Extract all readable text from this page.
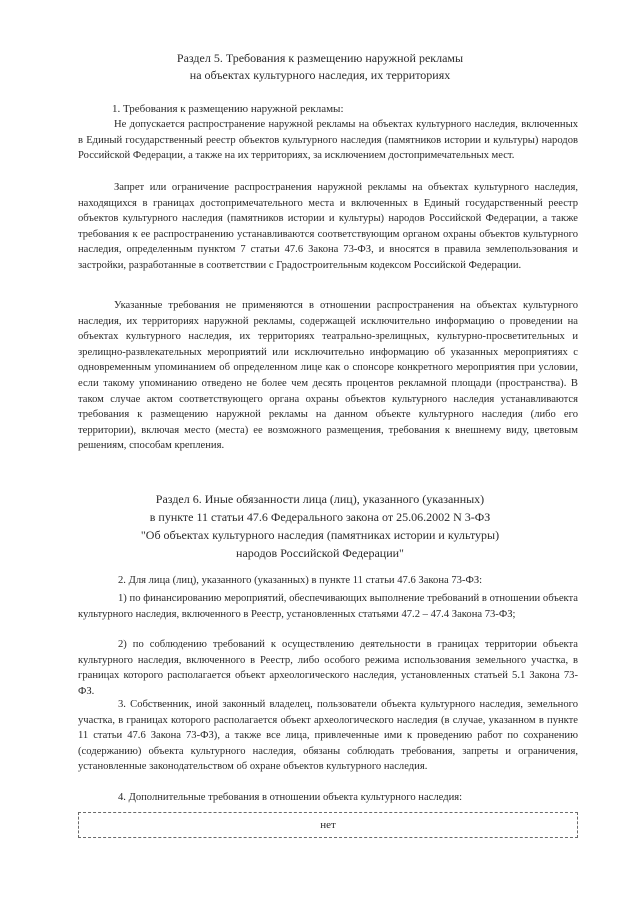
Раздел 5. Требования к размещению наружной рекламы
на объектах культурного наследия, их территориях
1. Требования к размещению наружной рекламы:
Не допускается распространение наружной рекламы на объектах культурного наследия, включенных в Единый государственный реестр объектов культурного наследия (памятников истории и культуры) народов Российской Федерации, а также на их территориях, за исключением достопримечательных мест.
Запрет или ограничение распространения наружной рекламы на объектах культурного наследия, находящихся в границах достопримечательного места и включенных в Единый государственный реестр объектов культурного наследия (памятников истории и культуры) народов Российской Федерации, а также требования к ее распространению устанавливаются соответствующим органом охраны объектов культурного наследия, определенным пунктом 7 статьи 47.6 Закона 73-ФЗ, и вносятся в правила землепользования и застройки, разработанные в соответствии с Градостроительным кодексом Российской Федерации.
Указанные требования не применяются в отношении распространения на объектах культурного наследия, их территориях наружной рекламы, содержащей исключительно информацию о проведении на объектах культурного наследия, их территориях театрально-зрелищных, культурно-просветительных и зрелищно-развлекательных мероприятий или исключительно информацию об указанных мероприятиях с одновременным упоминанием об определенном лице как о спонсоре конкретного мероприятия при условии, если такому упоминанию отведено не более чем десять процентов рекламной площади (пространства). В таком случае актом соответствующего органа охраны объектов культурного наследия устанавливаются требования к размещению наружной рекламы на данном объекте культурного наследия (либо его территории), включая место (места) ее возможного размещения, требования к внешнему виду, цветовым решениям, способам крепления.
Раздел 6. Иные обязанности лица (лиц), указанного (указанных)
в пункте 11 статьи 47.6 Федерального закона от 25.06.2002 N 3-ФЗ
"Об объектах культурного наследия (памятниках истории и культуры)
народов Российской Федерации"
2. Для лица (лиц), указанного (указанных) в пункте 11 статьи 47.6 Закона 73-ФЗ:
1) по финансированию мероприятий, обеспечивающих выполнение требований в отношении объекта культурного наследия, включенного в Реестр, установленных статьями 47.2 – 47.4 Закона 73-ФЗ;
2) по соблюдению требований к осуществлению деятельности в границах территории объекта культурного наследия, включенного в Реестр, либо особого режима использования земельного участка, в границах которого располагается объект археологического наследия, установленных статьей 5.1 Закона 73-ФЗ.
3. Собственник, иной законный владелец, пользователи объекта культурного наследия, земельного участка, в границах которого располагается объект археологического наследия (в случае, указанном в пункте 11 статьи 47.6 Закона 73-ФЗ), а также все лица, привлеченные ими к проведению работ по сохранению (содержанию) объекта культурного наследия, обязаны соблюдать требования, запреты и ограничения, установленные законодательством об охране объектов культурного наследия.
4. Дополнительные требования в отношении объекта культурного наследия:
нет
